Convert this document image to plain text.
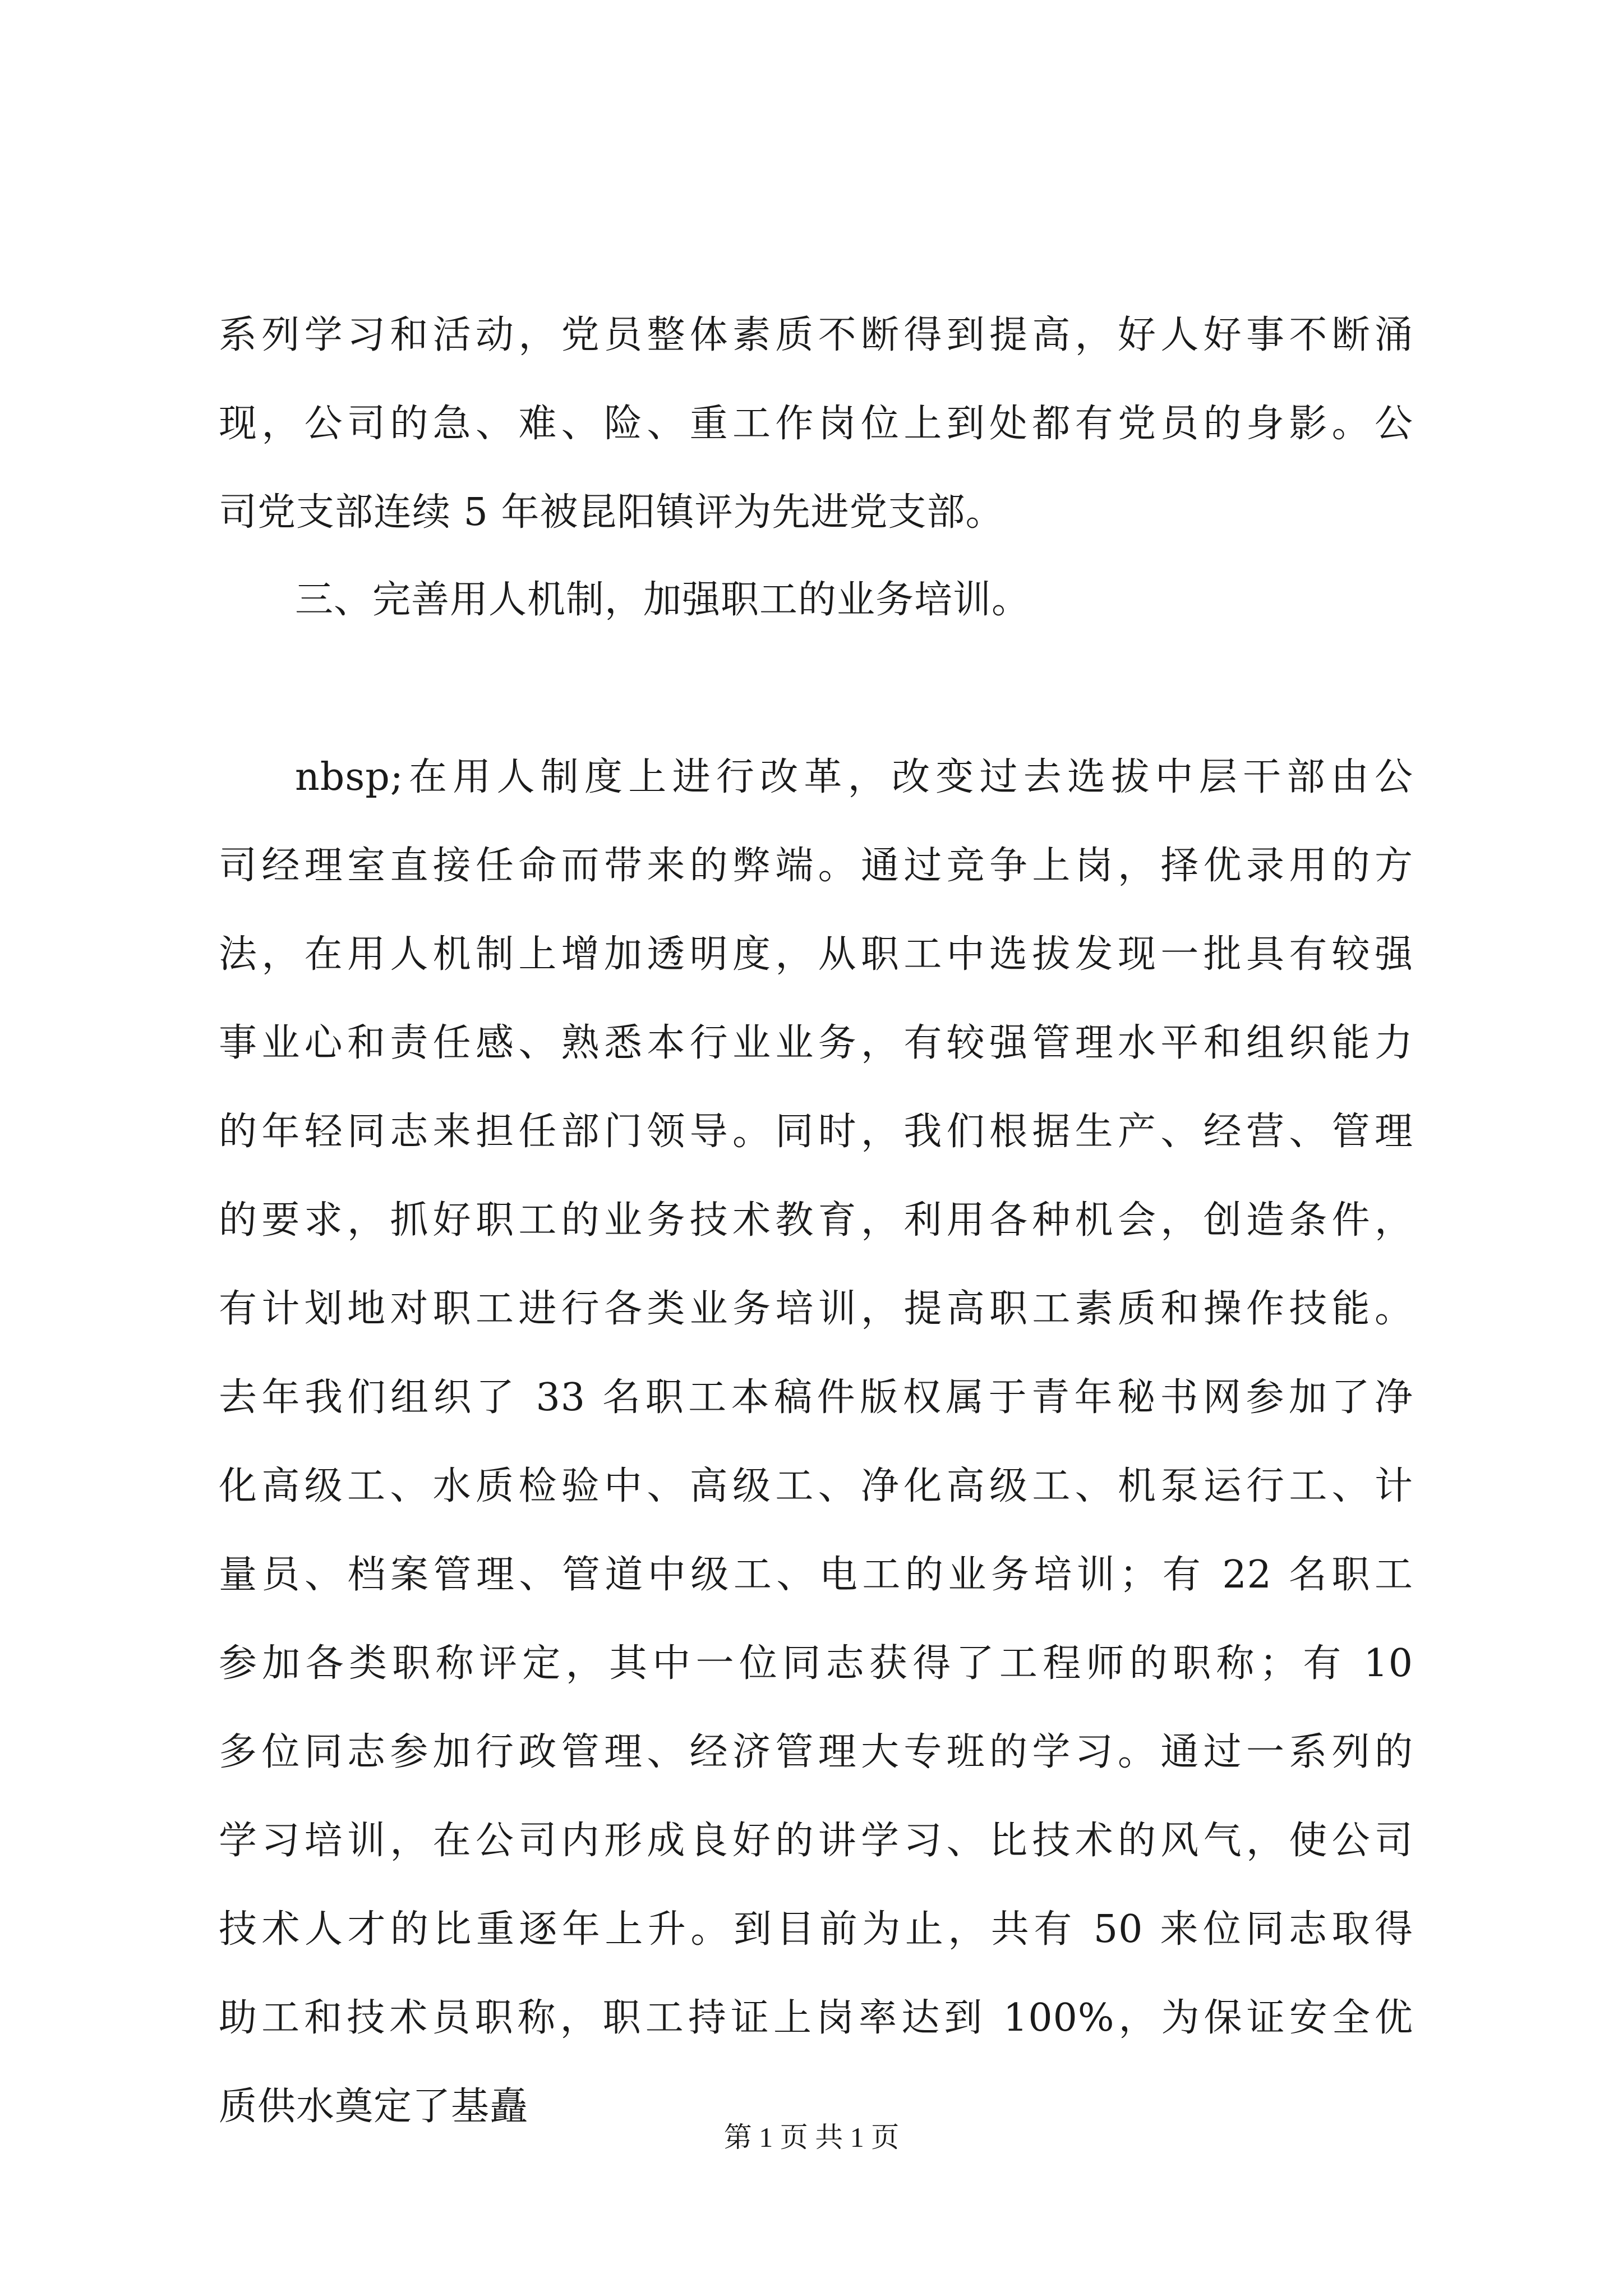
系列学习和活动，党员整体素质不断得到提高，好人好事不断涌
现，公司的急、难、险、重工作岗位上到处都有党员的身影。公
司党支部连续 5 年被昆阳镇评为先进党支部。
三、完善用人机制，加强职工的业务培训。
nbsp;在用人制度上进行改革，改变过去选拔中层干部由公
司经理室直接任命而带来的弊端。通过竞争上岗，择优录用的方
法，在用人机制上增加透明度，从职工中选拔发现一批具有较强
事业心和责任感、熟悉本行业业务，有较强管理水平和组织能力
的年轻同志来担任部门领导。同时，我们根据生产、经营、管理
的要求，抓好职工的业务技术教育，利用各种机会，创造条件，
有计划地对职工进行各类业务培训，提高职工素质和操作技能。
去年我们组织了 33 名职工本稿件版权属于青年秘书网参加了净
化高级工、水质检验中、高级工、净化高级工、机泵运行工、计
量员、档案管理、管道中级工、电工的业务培训；有 22 名职工
参加各类职称评定，其中一位同志获得了工程师的职称；有 10
多位同志参加行政管理、经济管理大专班的学习。通过一系列的
学习培训，在公司内形成良好的讲学习、比技术的风气，使公司
技术人才的比重逐年上升。到目前为止，共有 50 来位同志取得
助工和技术员职称，职工持证上岗率达到 100%，为保证安全优
质供水奠定了基矗
第 1 页 共 1 页
